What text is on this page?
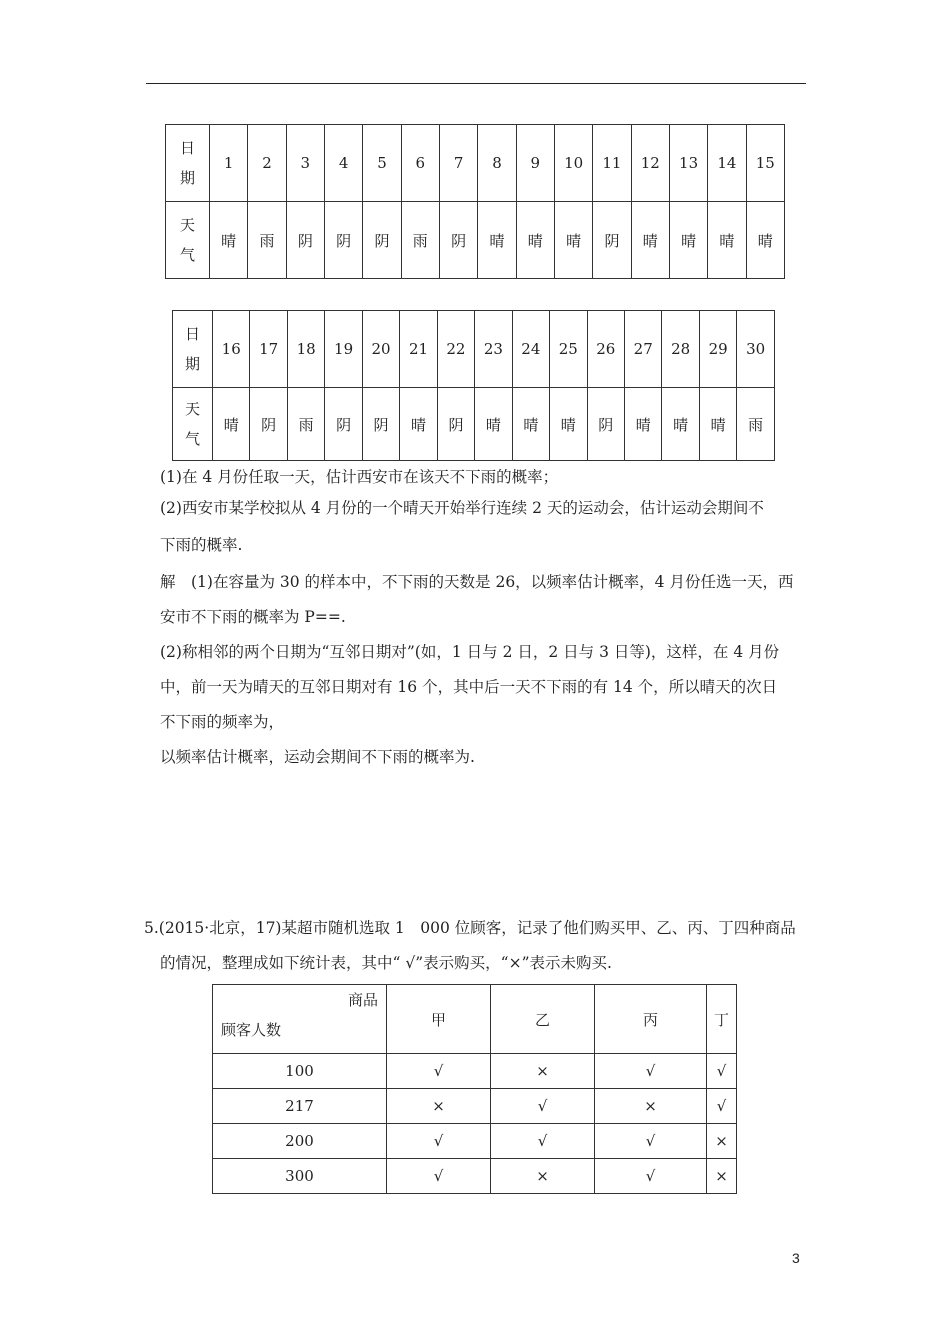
日
期	1	2	3	4	5	6	7	8	9	10	11	12	13	14	15
天
气	晴	雨	阴	阴	阴	雨	阴	晴	晴	晴	阴	晴	晴	晴	晴
日
期	16	17	18	19	20	21	22	23	24	25	26	27	28	29	30
天
气	晴	阴	雨	阴	阴	晴	阴	晴	晴	晴	阴	晴	晴	晴	雨
(1)在 4 月份任取一天，估计西安市在该天不下雨的概率；
(2)西安市某学校拟从 4 月份的一个晴天开始举行连续 2 天的运动会，估计运动会期间不
下雨的概率.
解　(1)在容量为 30 的样本中，不下雨的天数是 26，以频率估计概率，4 月份任选一天，西
安市不下雨的概率为 P==.
(2)称相邻的两个日期为“互邻日期对”(如，1 日与 2 日，2 日与 3 日等)，这样，在 4 月份
中，前一天为晴天的互邻日期对有 16 个，其中后一天不下雨的有 14 个，所以晴天的次日
不下雨的频率为，
以频率估计概率，运动会期间不下雨的概率为.
5.(2015·北京，17)某超市随机选取 1　000 位顾客，记录了他们购买甲、乙、丙、丁四种商品
的情况，整理成如下统计表，其中“ √”表示购买，“×”表示未购买.
商品
顾客人数	甲	乙	丙	丁
100	√	×	√	√
217	×	√	×	√
200	√	√	√	×
300	√	×	√	×
3
